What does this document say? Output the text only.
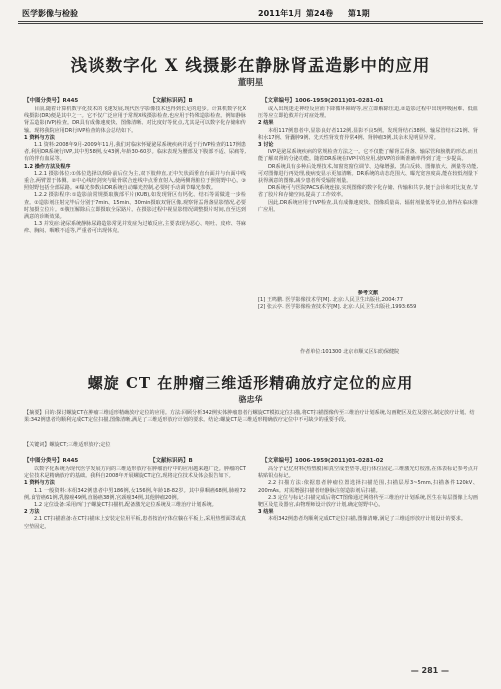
医学影像与检验	2011年1月 第24卷 第1期
浅谈数字化 X 线摄影在静脉肾盂造影中的应用
董明星
【中图分类号】R445	【文献标识码】B	【文章编号】1006-1959(2011)01-0281-01

目前,随着计算机数字化技术的飞速发展,现代医学影像技术也得到长足的进步。计算机数字化X线摄影(DR)便是其中之一。它不仅广泛应用于常规X线摄影检查,也应用于特殊造影检查。例如静脉肾盂造影(IVP)检查。DR具有成像速度快、图像清晰、对比度好等优点,尤其是可以数字化存储和传输。现将我院应用DR行IVP检查的体会总结如下。

1 资料与方法

1.1 资料:2008年9月-2009年11月,我们对临床怀疑泌尿系统疾病并适于行IVP检查的117例患者,利用DR系统行IVP,其中男58例,女43例,年龄30-60岁。临床表现为腰部及下腹部不适、尿痛等,有的伴有血尿等。

1.2 操作方法及程序

1.2.1 摄影体位:①体位选择以仰卧前后位为主,双下肢伸直,正中矢状面垂直台面并与台面中线重合,两臂置于体侧。②中心线经剑突与耻骨联合连线中点垂直射入,使两侧肾脏位于照射野中心。③照射野包括全部尿路。④曝光参数由DR系统自动曝光控制,必要时手动调节曝光参数。

1.2.2 摄影程序:①造影前常规摄取腹部平片(KUB),如发现肾区有钙化、结石等需做进一步检查。②造影剂注射完毕后分别于7min、15min、30min摄取双肾区像,观察肾盂肾盏显影情况,必要时加摄立位片。⑤腹压解除后立即摄取全尿路片。在摄影过程中视显影情况调整摄片时间,直至达到满意的诊断效果。

1.3 并发症:泌尿系统静脉尿路造影常见并发症为过敏反应,主要表现为恶心、呕吐、皮疹、荨麻疹、胸闷、咽喉不适等,严重者可出现休克。

或入出现迷走神经反应而下降循环障碍等,应立即解除压迫,②造影过程中出现呼吸困难、低血压等应立即抢救并行对症处理。

2 结果

本组117例患者中,显影良好者112例,显影不良5例。发现肾结石38例、输尿管结石21例、肾积水17例、肾囊肿9例、先天性肾发育异常4例、肾肿瘤3例,其余未见明显异常。

3 讨论

IVP是泌尿系统疾病的常规检查方法之一。它不仅能了解肾盂肾盏、输尿管和膀胱的形态,而且能了解双肾的分泌功能。随着DR系统在IVP中的应用,使IVP的诊断准确率得到了进一步提高。

DR系统具有多种后处理技术,如窗宽窗位调节、边缘增强、黑白反转、图像放大、测量等功能,可对图像进行再处理,使病变显示更加清晰。DR系统的动态范围大、曝光宽容度高,能在较低剂量下获得满意的图像,减少患者所受辐射剂量。

DR系统可与医院PACS系统连接,实现图像的数字化存储、传输和共享,便于会诊和对比复查,节省了胶片和存储空间,提高了工作效率。

因此,DR系统应用于IVP检查,具有成像速度快、图像质量高、辐射剂量低等优点,值得在临床推广应用。

参考文献

[1] 王鸣鹏. 医学影像技术学[M]. 北京:人民卫生出版社,2004:77

[2] 张云亭. 医学影像检查技术学[M]. 北京:人民卫生出版社,1993:659

作者单位:101300 北京市顺义区妇幼保健院
螺旋 CT 在肿瘤三维适形精确放疗定位的应用
骆忠华
【摘要】目的:探讨螺旋CT在肿瘤三维适形精确放疗定位的应用。方法:回顾分析342例实体肿瘤患者行螺旋CT模拟定位扫描,将CT扫描图像传至三维治疗计划系统,勾画靶区及危及器官,制定放疗计划。结果:342例患者均顺利完成CT定位扫描,图像清晰,满足了三维适形放疗计划的要求。结论:螺旋CT是三维适形精确放疗定位中不可缺少的重要手段。
【关键词】螺旋CT;三维适形放疗;定位
【中图分类号】R445	【文献标识码】B	【文章编号】1006-1959(2011)01-0281-02

以数字化系统为现代医学发展方向的三维适形放疗在肿瘤治疗中的应用越来越广泛。肿瘤的CT定位技术是精确放疗的基础。我科自2008年开展螺旋CT定位,现将定位技术及体会报告如下。

1 资料与方法

1.1 一般资料:本组342例患者中男186例,女156例,年龄18-82岁。其中鼻咽癌68例,肺癌72例,食管癌61例,乳腺癌49例,直肠癌38例,宫颈癌34例,其他肿瘤20例。

1.2 定位设备:采用西门子螺旋CT扫描机,配备激光定位系统及三维治疗计划系统。

2 方法

2.1 CT扫描准备:在CT扫描床上安装定位用平板,患者按治疗体位躺在平板上,采用热塑面罩或真空垫固定。

高分子记忆材料(热塑膜)和真空成型垫等,进行体位固定,三维激光灯校准,在体表标记参考点并粘贴铅点标记。

2.2 扫描方法:依据患者肿瘤位置选择扫描范围,扫描层厚3~5mm,扫描条件120kV、200mAs。对需增强扫描者经静脉注射造影剂后扫描。

2.3 定位与标记:扫描完成后将CT图像通过网络传至三维治疗计划系统,医生在每层图像上勾画靶区及危及器官,由物理师设计放疗计划,确定射野中心。

3 结果

本组342例患者均顺利完成CT定位扫描,图像清晰,满足了三维适形放疗计划设计的要求。

— 281 —
